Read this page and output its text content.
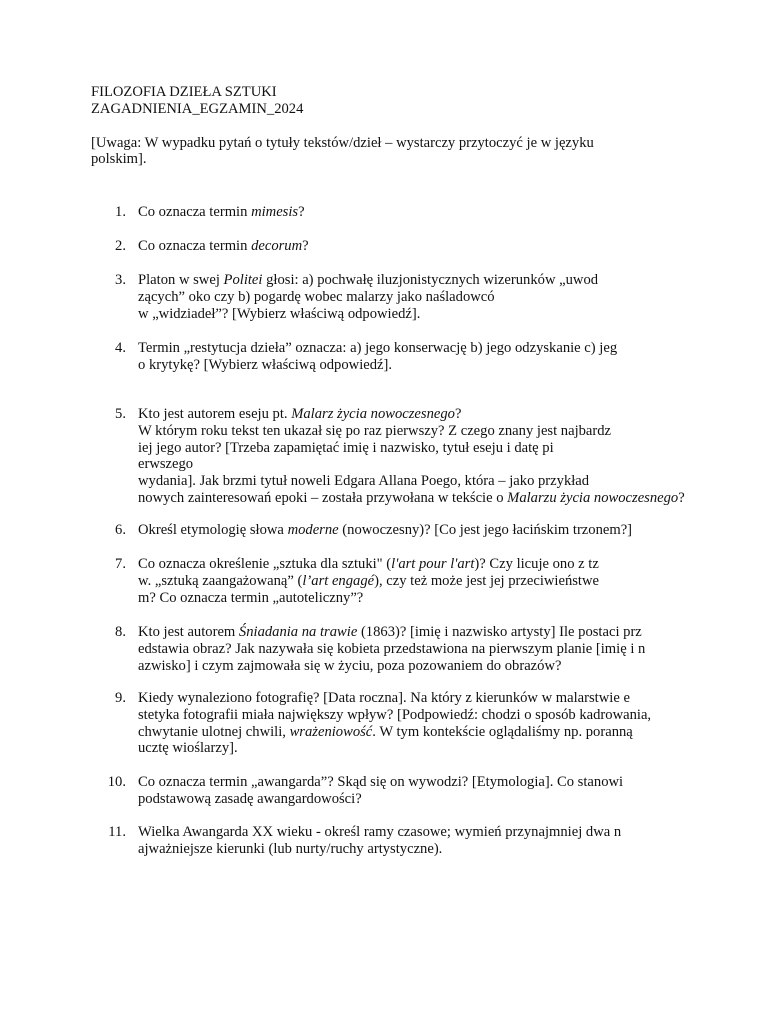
FILOZOFIA DZIEŁA SZTUKI
ZAGADNIENIA_EGZAMIN_2024
[Uwaga: W wypadku pytań o tytuły tekstów/dzieł – wystarczy przytoczyć je w języku polskim].
1. Co oznacza termin mimesis?
2. Co oznacza termin decorum?
3. Platon w swej Politei głosi: a) pochwałę iluzjonistycznych wizerunków „uwod
zących” oko czy b) pogardę wobec malarzy jako naśladowcó
w „widziadeł”? [Wybierz właściwą odpowiedź].
4. Termin „restytucja dzieła” oznacza: a) jego konserwację b) jego odzyskanie c) jeg
o krytykę? [Wybierz właściwą odpowiedź].
5. Kto jest autorem eseju pt. Malarz życia nowoczesnego?
W którym roku tekst ten ukazał się po raz pierwszy? Z czego znany jest najbardz
iej jego autor? [Trzeba zapamiętać imię i nazwisko, tytuł eseju i datę pi
erwszego
wydania]. Jak brzmi tytuł noweli Edgara Allana Poego, która – jako przykład
nowych zainteresowań epoki – została przywołana w tekście o Malarzu życia nowoczesnego?
6. Określ etymologię słowa moderne (nowoczesny)? [Co jest jego łacińskim trzonem?]
7. Co oznacza określenie „sztuka dla sztuki" (l'art pour l'art)? Czy licuje ono z tz
w. „sztuką zaangażowaną” (l’art engagé), czy też może jest jej przeciwieństwe
m? Co oznacza termin „autoteliczny”?
8. Kto jest autorem Śniadania na trawie (1863)? [imię i nazwisko artysty] Ile postaci prz
edstawia obraz? Jak nazywała się kobieta przedstawiona na pierwszym planie [imię i n
azwisko] i czym zajmowała się w życiu, poza pozowaniem do obrazów?
9. Kiedy wynaleziono fotografię? [Data roczna]. Na który z kierunków w malarstwie e
stetyka fotografii miała największy wpływ? [Podpowiedź: chodzi o sposób kadrowania,
chwytanie ulotnej chwili, wrażeniowość. W tym kontekście oglądaliśmy np. poranną
ucztę wioślarzy].
10. Co oznacza termin „awangarda”? Skąd się on wywodzi? [Etymologia]. Co stanowi
podstawową zasadę awangardowości?
11. Wielka Awangarda XX wieku - określ ramy czasowe; wymień przynajmniej dwa n
ajważniejsze kierunki (lub nurty/ruchy artystyczne).
